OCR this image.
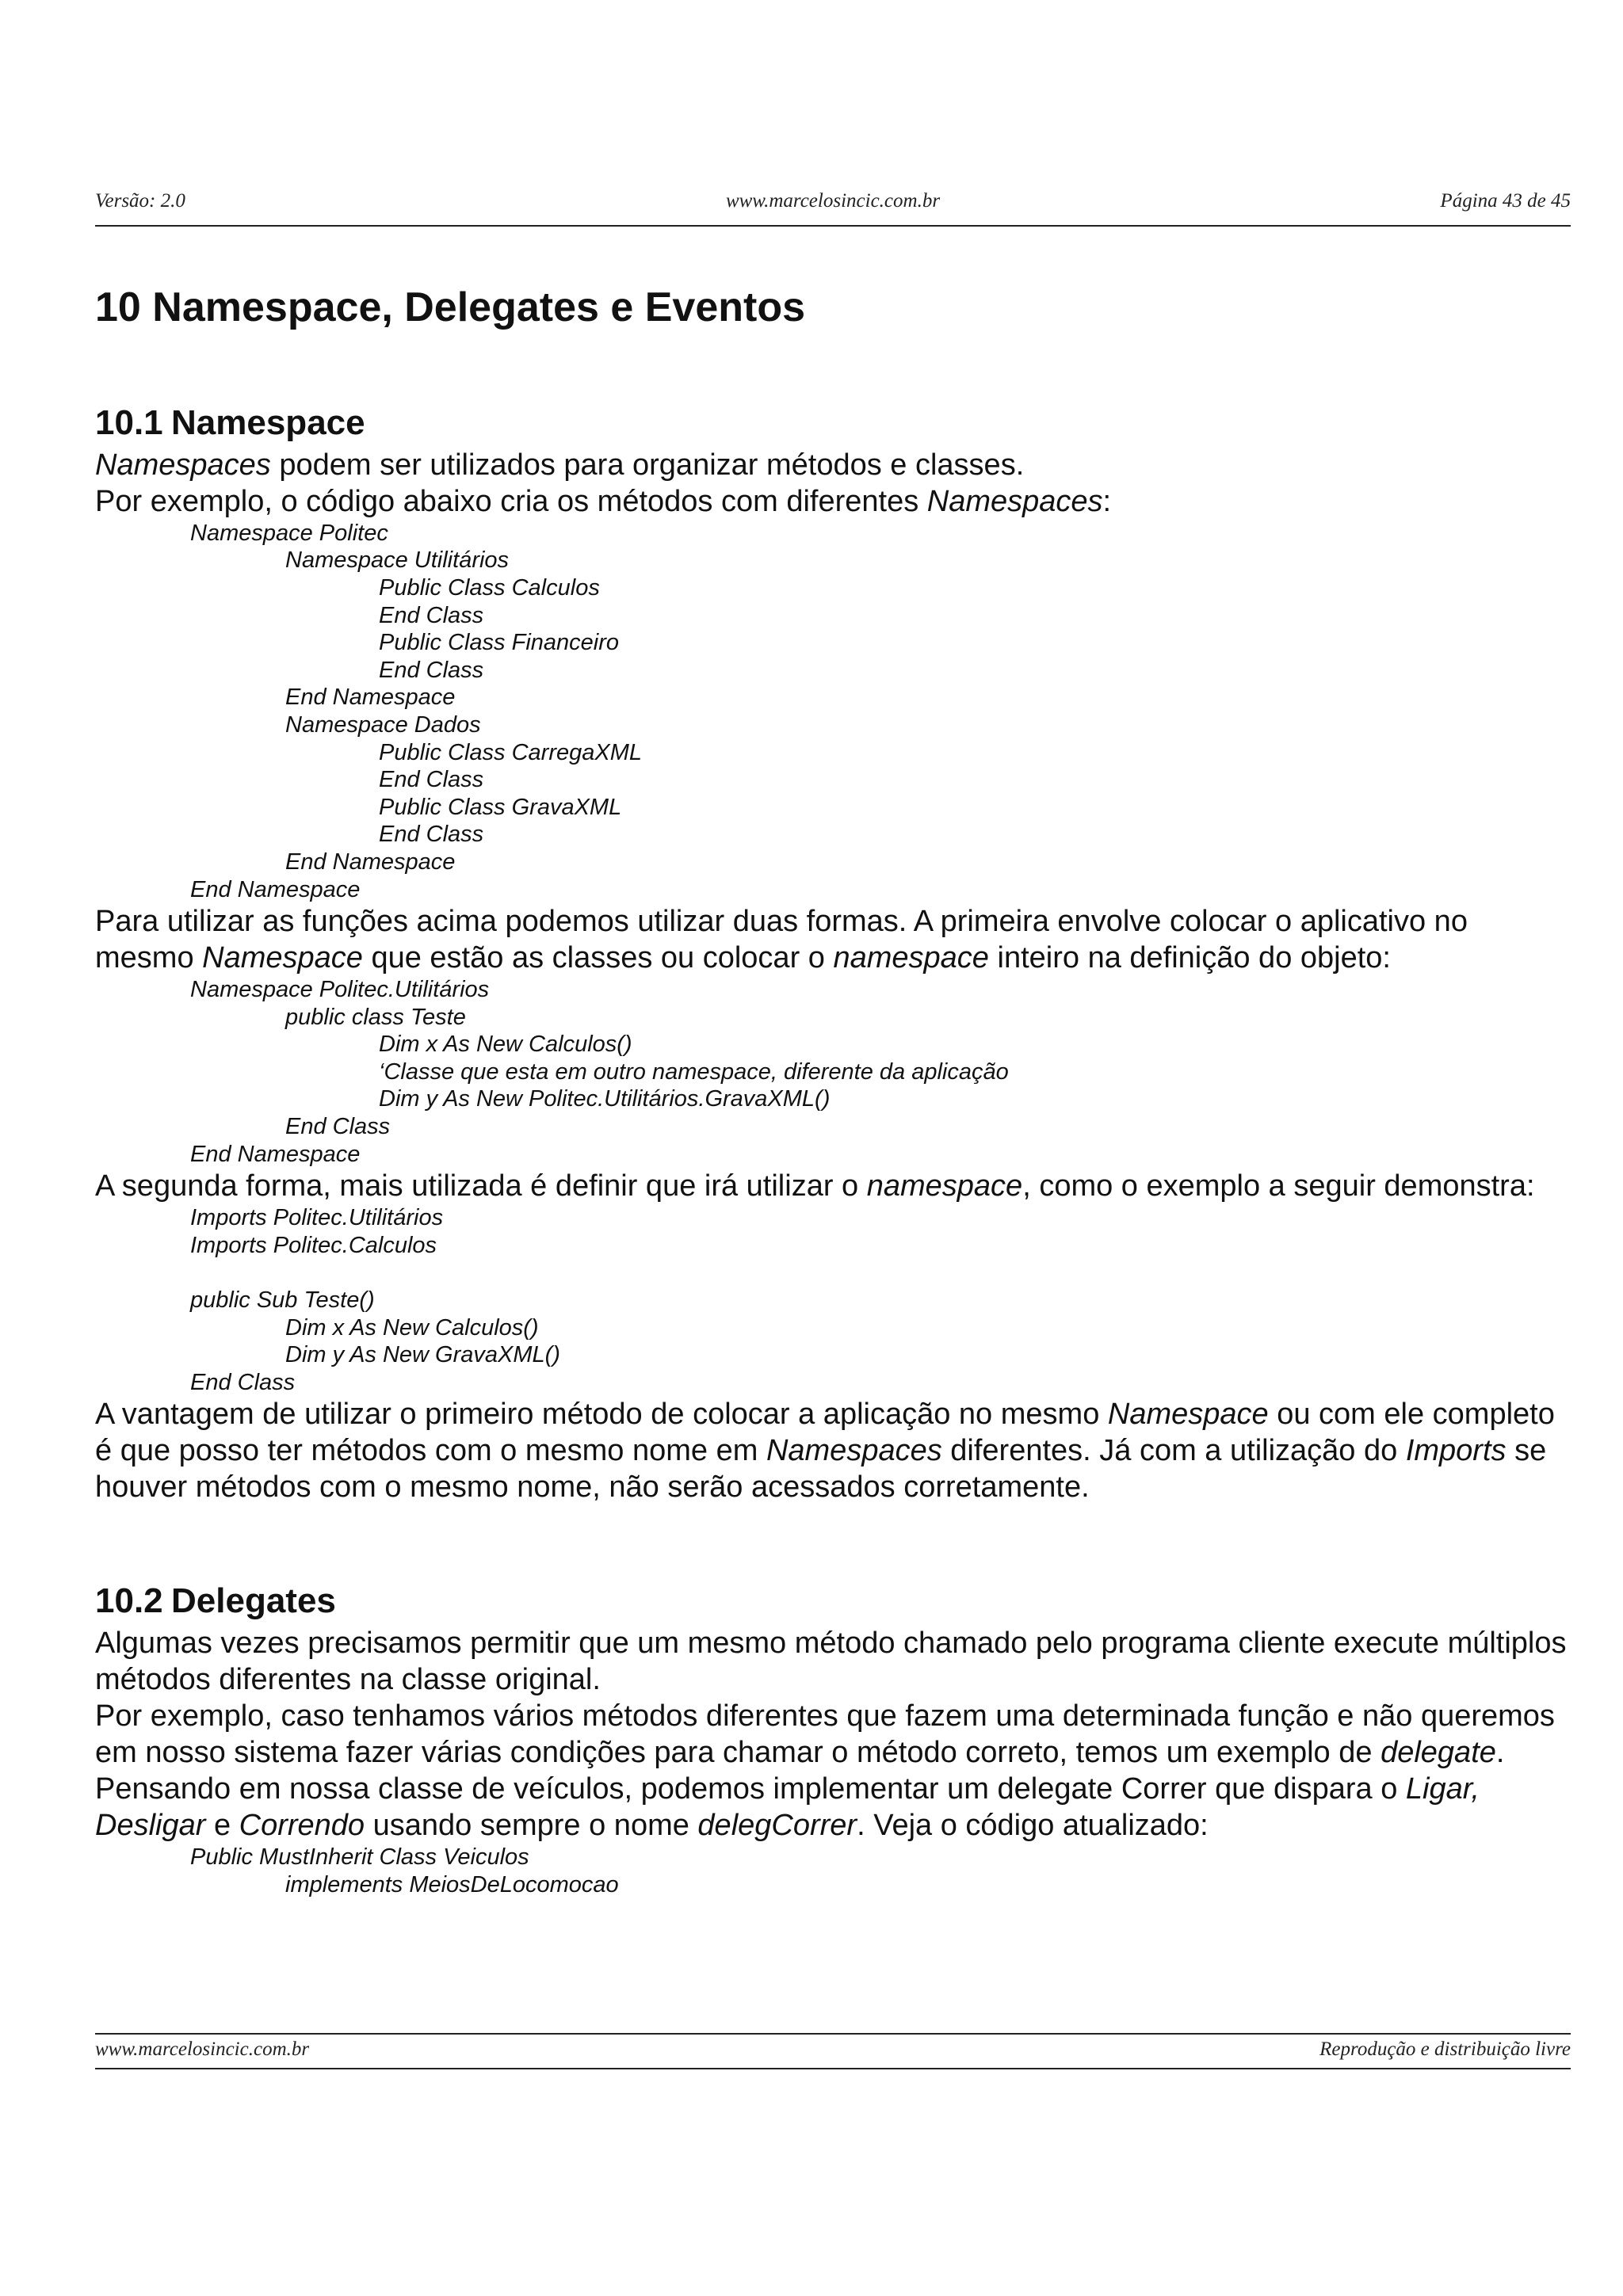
Versão: 2.0	www.marcelosincic.com.br	Página 43 de 45
10 Namespace, Delegates e Eventos
10.1 Namespace

Namespaces podem ser utilizados para organizar métodos e classes.

Por exemplo, o código abaixo cria os métodos com diferentes Namespaces:

Namespace Politec
Namespace Utilitários
Public Class Calculos
End Class
Public Class Financeiro
End Class
End Namespace
Namespace Dados
Public Class CarregaXML
End Class
Public Class GravaXML
End Class
End Namespace
End Namespace

Para utilizar as funções acima podemos utilizar duas formas. A primeira envolve colocar o aplicativo no mesmo Namespace que estão as classes ou colocar o namespace inteiro na definição do objeto:

Namespace Politec.Utilitários
public class Teste
Dim x As New Calculos()
‘Classe que esta em outro namespace, diferente da aplicação
Dim y As New Politec.Utilitários.GravaXML()
End Class
End Namespace

A segunda forma, mais utilizada é definir que irá utilizar o namespace, como o exemplo a seguir demonstra:

Imports Politec.Utilitários
Imports Politec.Calculos
public Sub Teste()
Dim x As New Calculos()
Dim y As New GravaXML()
End Class

A vantagem de utilizar o primeiro método de colocar a aplicação no mesmo Namespace ou com ele completo é que posso ter métodos com o mesmo nome em Namespaces diferentes. Já com a utilização do Imports se houver métodos com o mesmo nome, não serão acessados corretamente.

10.2 Delegates

Algumas vezes precisamos permitir que um mesmo método chamado pelo programa cliente execute múltiplos métodos diferentes na classe original.

Por exemplo, caso tenhamos vários métodos diferentes que fazem uma determinada função e não queremos em nosso sistema fazer várias condições para chamar o método correto, temos um exemplo de delegate.

Pensando em nossa classe de veículos, podemos implementar um delegate Correr que dispara o Ligar, Desligar e Correndo usando sempre o nome delegCorrer. Veja o código atualizado:

Public MustInherit Class Veiculos
implements MeiosDeLocomocao
www.marcelosincic.com.br	Reprodução e distribuição livre
